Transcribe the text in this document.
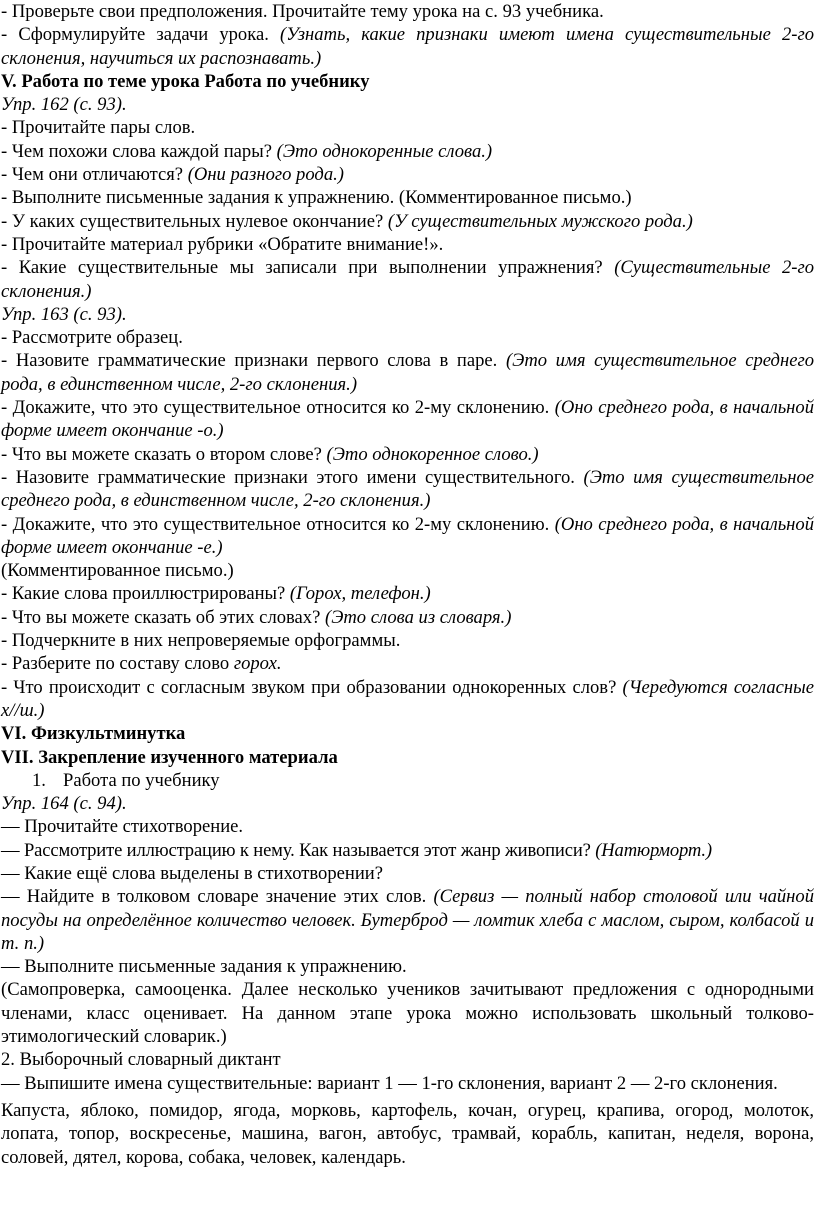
- Проверьте свои предположения. Прочитайте тему урока на с. 93 учебника.
- Сформулируйте задачи урока. (Узнать, какие признаки имеют имена существительные 2-го склонения, научиться их распознавать.)
V. Работа по теме урока Работа по учебнику
Упр. 162 (с. 93).
- Прочитайте пары слов.
- Чем похожи слова каждой пары? (Это однокоренные слова.)
- Чем они отличаются? (Они разного рода.)
- Выполните письменные задания к упражнению. (Комментированное письмо.)
- У каких существительных нулевое окончание? (У существительных мужского рода.)
- Прочитайте материал рубрики «Обратите внимание!».
- Какие существительные мы записали при выполнении упражнения? (Существительные 2-го склонения.)
Упр. 163 (с. 93).
- Рассмотрите образец.
- Назовите грамматические признаки первого слова в паре. (Это имя существительное среднего рода, в единственном числе, 2-го склонения.)
- Докажите, что это существительное относится ко 2-му склонению. (Оно среднего рода, в начальной форме имеет окончание -о.)
- Что вы можете сказать о втором слове? (Это однокоренное слово.)
- Назовите грамматические признаки этого имени существительного. (Это имя существительное среднего рода, в единственном числе, 2-го склонения.)
- Докажите, что это существительное относится ко 2-му склонению. (Оно среднего рода, в начальной форме имеет окончание -е.)
(Комментированное письмо.)
- Какие слова проиллюстрированы? (Горох, телефон.)
- Что вы можете сказать об этих словах? (Это слова из словаря.)
- Подчеркните в них непроверяемые орфограммы.
- Разберите по составу слово горох.
- Что происходит с согласным звуком при образовании однокоренных слов? (Чередуются согласные х//ш.)
VI. Физкультминутка
VII. Закрепление изученного материала
1. Работа по учебнику
Упр. 164 (с. 94).
— Прочитайте стихотворение.
— Рассмотрите иллюстрацию к нему. Как называется этот жанр живописи? (Натюрморт.)
— Какие ещё слова выделены в стихотворении?
— Найдите в толковом словаре значение этих слов. (Сервиз — полный набор столовой или чайной посуды на определённое количество человек. Бутерброд — ломтик хлеба с маслом, сыром, колбасой и т. п.)
— Выполните письменные задания к упражнению.
(Самопроверка, самооценка. Далее несколько учеников зачитывают предложения с однородными членами, класс оценивает. На данном этапе урока можно использовать школьный толково-этимологический словарик.)
2. Выборочный словарный диктант
— Выпишите имена существительные: вариант 1 — 1-го склонения, вариант 2 — 2-го склонения.
Капуста, яблоко, помидор, ягода, морковь, картофель, кочан, огурец, крапива, огород, молоток, лопата, топор, воскресенье, машина, вагон, автобус, трамвай, корабль, капитан, неделя, ворона, соловей, дятел, корова, собака, человек, календарь.
